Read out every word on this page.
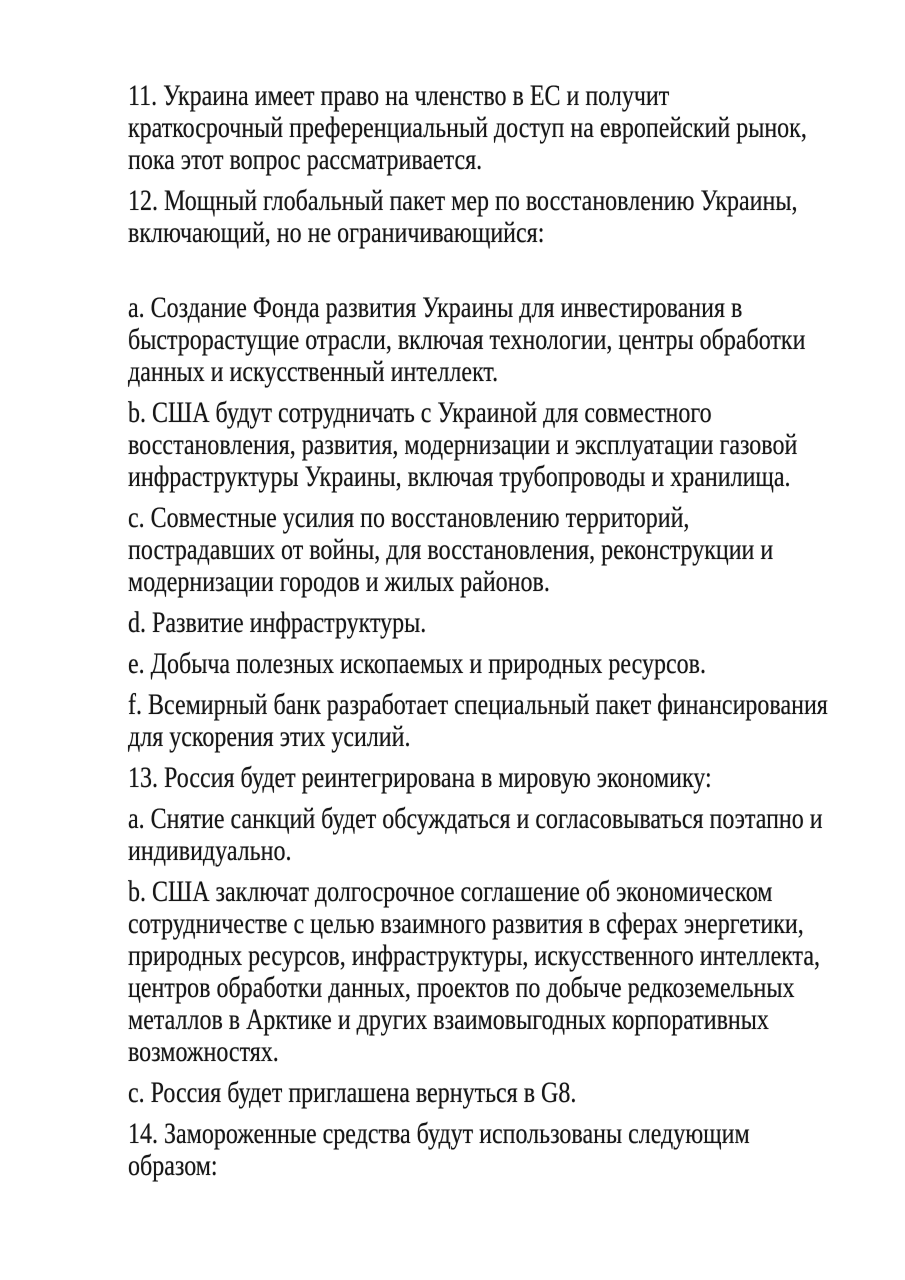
11. Украина имеет право на членство в ЕС и получит
краткосрочный преференциальный доступ на европейский рынок,
пока этот вопрос рассматривается.
12. Мощный глобальный пакет мер по восстановлению Украины,
включающий, но не ограничивающийся:
a. Создание Фонда развития Украины для инвестирования в
быстрорастущие отрасли, включая технологии, центры обработки
данных и искусственный интеллект.
b. США будут сотрудничать с Украиной для совместного
восстановления, развития, модернизации и эксплуатации газовой
инфраструктуры Украины, включая трубопроводы и хранилища.
c. Совместные усилия по восстановлению территорий,
пострадавших от войны, для восстановления, реконструкции и
модернизации городов и жилых районов.
d. Развитие инфраструктуры.
e. Добыча полезных ископаемых и природных ресурсов.
f. Всемирный банк разработает специальный пакет финансирования
для ускорения этих усилий.
13. Россия будет реинтегрирована в мировую экономику:
a. Снятие санкций будет обсуждаться и согласовываться поэтапно и
индивидуально.
b. США заключат долгосрочное соглашение об экономическом
сотрудничестве с целью взаимного развития в сферах энергетики,
природных ресурсов, инфраструктуры, искусственного интеллекта,
центров обработки данных, проектов по добыче редкоземельных
металлов в Арктике и других взаимовыгодных корпоративных
возможностях.
c. Россия будет приглашена вернуться в G8.
14. Замороженные средства будут использованы следующим
образом:
